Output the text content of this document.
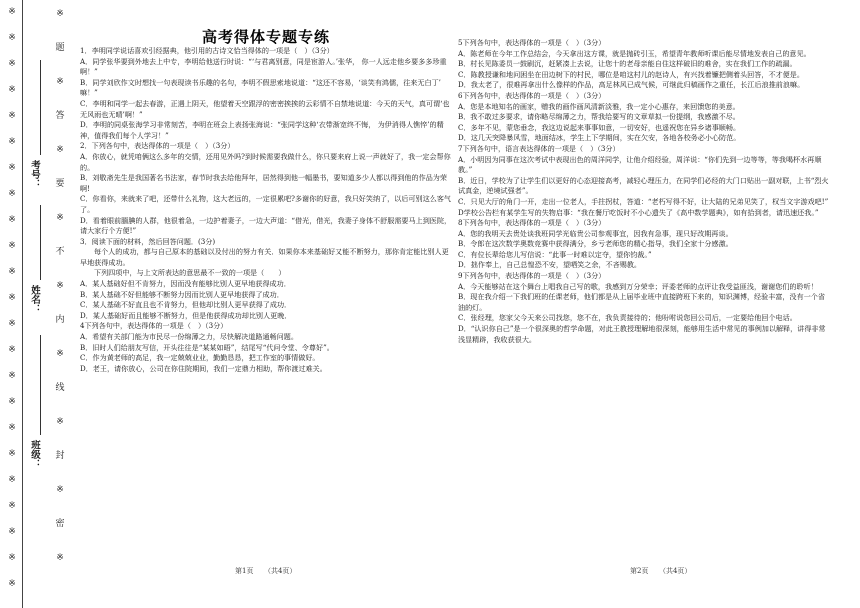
※
※
※
※
※
※
※
※
※
※
※
※
※
※
※
※
※
※
※
※
※
※
※
※
题
※
答
※
要
※
不
※
内
※
线
※
封
※
密
※
考号：
姓名：
班级：

高考得体专题专练

1．李明同学说话喜欢引经据典，他引用的古诗文恰当得体的一项是（　）（3分）

A．同学张华要到外地去上中专，李明给他送行时说：“‘与君离别意，同是宦游人。’张华， 你一人远走他乡要多多珍重啊！”

B．同学刘欣作文时想找一句表现读书乐趣的名句，李明不假思索地说道：“这还不容易，‘谈笑有鸿儒，往来无白丁’ 嘛！”

C．李明和同学一起去春游，正遇上阴天，他望着天空跟浮的密密挨挨的云彩情不自禁地说道：今天的天气，真可谓‘也无风雨也无晴’啊！”

D．李明的同桌张海学习非常刻苦，李明在班会上表扬张海说：“张同学这种‘衣带渐宽终不悔， 为伊消得人憔悴’的精神，值得我们每个人学习！”

2．下列各句中，表达得体的一项是（　）（3分）

A．你放心，就凭咱俩这么多年的交情，还用见外吗?到时候需要我做什么，你只要来府上说一声就好了，我一定会帮你的。

B．刘敬斋先生是我国著名书法家，春节时我去给他拜年，居然得到他一幅墨书，要知道多少人都以得到他的作品为荣啊!

C．你看你，来就来了吧，还带什么礼物，这大老远的，一定很累吧?多谢你的好意，我只好笑纳了，以后可别这么客气了。

D．看着眼前腼腆的人群，他很着急，一边护着妻子，一边大声道：“借光，借光，我妻子身体不舒服需要马上到医院，请大家行个方便!”

3．阅读下面的材料，然后回答问题．(3分)

每个人的成功，都与自己原本的基础以及付出的努力有关．如果你本来基础好又能不断努力，那你肯定能比别人更早地获得成功。

下列四项中，与上文所表达的意思最不一致的一项是（　　）

A．某人基础好但不肯努力，因而没有能够比别人更早地获得成功．

B．某人基础不好但能够不断努力因而比别人更早地获得了成功．

C．某人基础不好直且也不肯努力，但他却比别人更早获得了成功．

D．某人基础好而且能够不断努力，但是他获得成功却比别人更晚．

4下列各句中，表达得体的一项是（　）（3分）

A．希望有关部门能为市民尽一份绵薄之力，尽快解决道路通畅问题。

B．旧时人们给朋友写信，开头往往是“某某如晤”，结尾写“代问令堂、令尊好”。

C．作为黄老师的高足，我一定兢兢业业，勤勤恳恳，把工作室的事情做好。

D．老王，请你放心，公司在你住院期间，我们一定鼎力相助，帮你渡过难关。

第1页　　（共4页）

5下列各句中，表达得体的一项是（　）（3分）

A．陈老师在今年工作总结会，今天拿出这方谍，就是抛砖引玉，希望青年教师听课后能尽情地发表自己的意见。

B．村长见陈委员一鼓刷沉，赶紧凑上去说，让您十的老母亲能自住这样破旧的难舍，实在我们工作的疏漏。

C．陈教授谦和地问困坐在田边树下的村民，哪位是咱这村儿的赵诗人，有兴找着镰把侧着头回答，不才便是。

D．我太老了，很难再拿出什么像样的作品，高足林风已成气候，可继此归稿画作之重任，长江后浪推前浪嘛。

6下列各句中，表达得体的一项是（　）（3分）

A．您是本地知名的画家，赠我的画作画风清新淡雅，我一定小心惠存，来回馈您的美意。

B．我不敢过多要求，请你略尽绵薄之力，帮我给要写的文章草拟一份提纲，我感激不尽。

C．多年不见，蒙您垂念，我这边说起来事事如意，一切安好，也遥祝您在异乡诸事顺畅。

D．这几天突降暴风雪，地面结冰，学生上下学期间，实在欠安，各地各校务必小心防范。

7下列各句中，语言表达得体的一项是（　）（3分）

A．小明因为同事在这次考试中表现出色的周洋同学，让他介绍经验，周洋说：“你们先到一边等等，等我喝杯水再顺教。”

B．近日，学校为了让学生们以更好的心态迎接高考，减轻心理压力，在同学们必经的大门口贴出一副对联，上书“烈火试真金，逆境试强者”。

C．只见大厅的角门一开，走出一位老人，手拄拐杖，答道：“老朽写得不好，让大陆的兄弟见笑了，权当文字游戏吧!”

D学校公告栏有某学生写的失物启事：“我在餐厅吃饭时不小心遗失了《高中数学题典》，如有拾到者，请迅速还我。”

8下列各句中，表达得体的一项是（　）（3分）

A．您的我明天去贵处谈我班同学光临贵公司参观事宜，因我有急事，现只好改期再谈。

B．令郎在这次数学奥数竞赛中获得满分，乡亏老师您的精心指导，我们全家十分感激。

C．有位长辈给您儿写信说：“此事一时难以定夺，望你钧裁。”

D．拙作奉上，自己总惶恐不安，望哂笑之余，不吝赐教。

9下列各句中，表达得体的一项是（　）（3分）

A．今天能够站在这个舞台上唱我自己写的歌，我感到万分荣幸；评委老师的点评让我受益匪浅，谢谢您们的聆听！

B．现在我介绍一下我们班的任课老师，他们都是从上届毕业班中直接跨班下来的，知识渊博，经验丰富，没有一个省油的灯。

C．张经理，您家父今天来公司找您，您不在，我负责接待的；他吩咐说您回公司后，一定要给他回个电话。

D．“认识你自己”是一个很深奥的哲学命题，对此王教授理解地很深刻，能够用生活中常见的事例加以解释，讲得非常浅显精辟，我收获很大。

第2页　　（共4页）
